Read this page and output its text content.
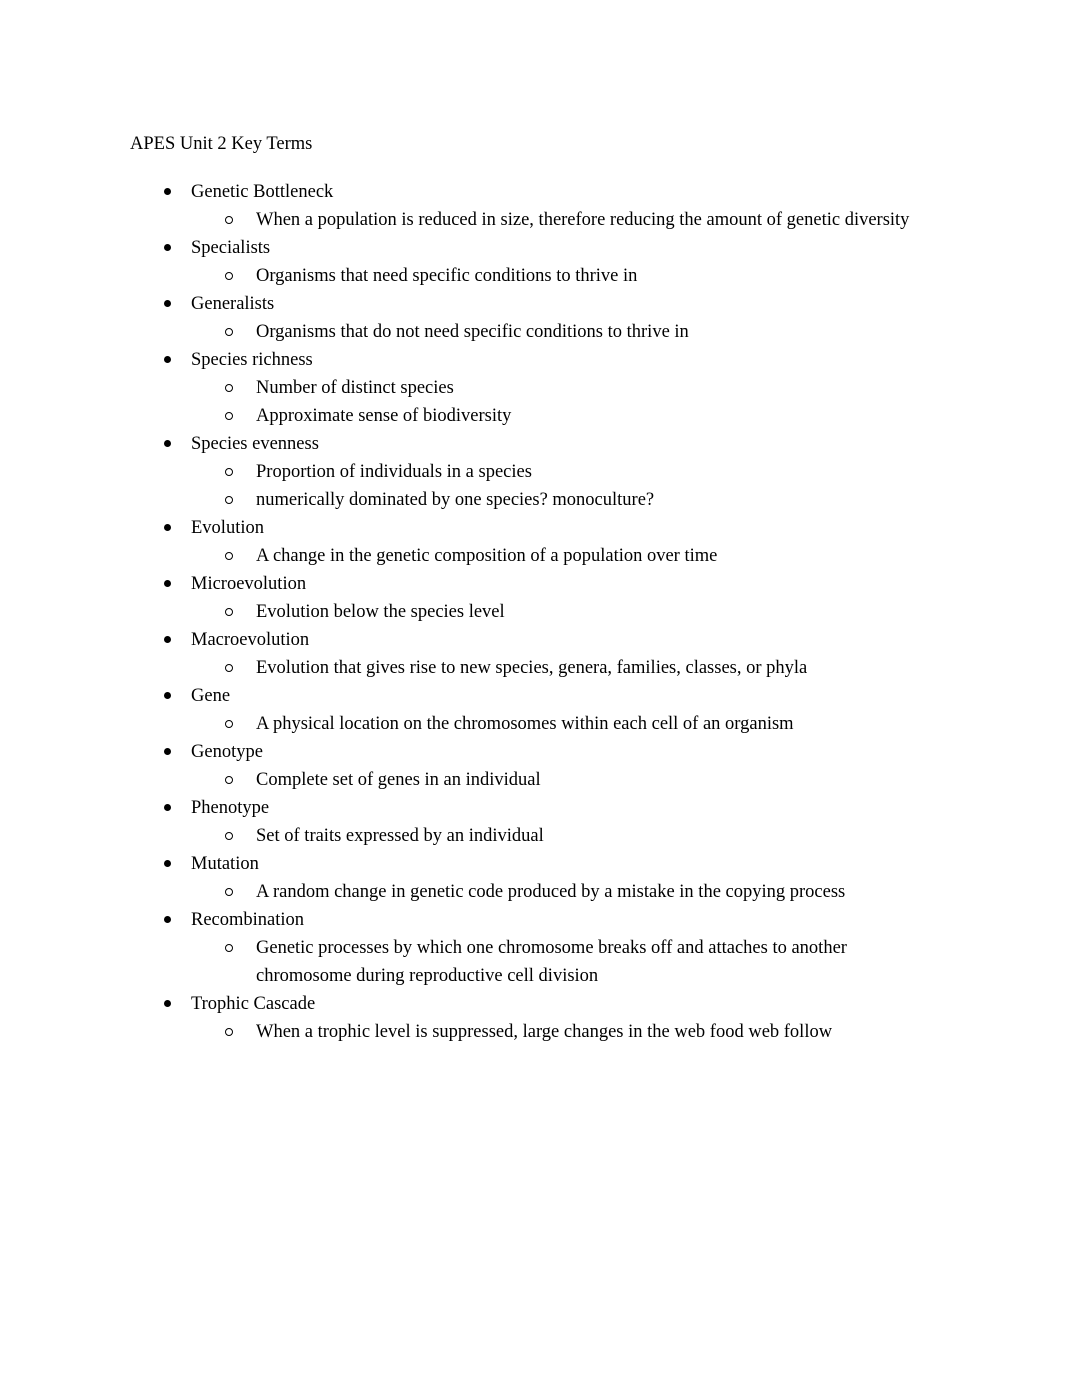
APES Unit 2 Key Terms
Genetic Bottleneck
When a population is reduced in size, therefore reducing the amount of genetic diversity
Specialists
Organisms that need specific conditions to thrive in
Generalists
Organisms that do not need specific conditions to thrive in
Species richness
Number of distinct species
Approximate sense of biodiversity
Species evenness
Proportion of individuals in a species
numerically dominated by one species? monoculture?
Evolution
A change in the genetic composition of a population over time
Microevolution
Evolution below the species level
Macroevolution
Evolution that gives rise to new species, genera, families, classes, or phyla
Gene
A physical location on the chromosomes within each cell of an organism
Genotype
Complete set of genes in an individual
Phenotype
Set of traits expressed by an individual
Mutation
A random change in genetic code produced by a mistake in the copying process
Recombination
Genetic processes by which one chromosome breaks off and attaches to another chromosome during reproductive cell division
Trophic Cascade
When a trophic level is suppressed, large changes in the web food web follow
